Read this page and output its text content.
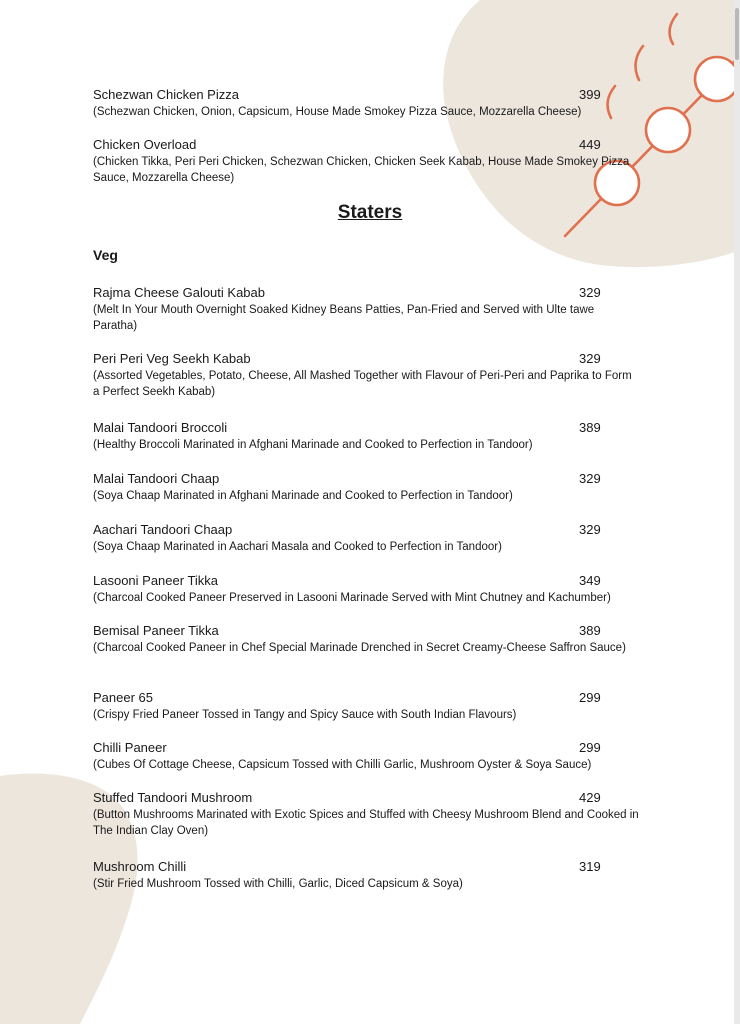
Schezwan Chicken Pizza	399
(Schezwan Chicken, Onion, Capsicum, House Made Smokey Pizza Sauce, Mozzarella Cheese)
Chicken Overload	449
(Chicken Tikka, Peri Peri Chicken, Schezwan Chicken, Chicken Seek Kabab, House Made Smokey Pizza Sauce, Mozzarella Cheese)
Staters
Veg
Rajma Cheese Galouti Kabab	329
(Melt In Your Mouth Overnight Soaked Kidney Beans Patties, Pan-Fried and Served with Ulte tawe Paratha)
Peri Peri Veg Seekh Kabab	329
(Assorted Vegetables, Potato, Cheese, All Mashed Together with Flavour of Peri-Peri and Paprika to Form a Perfect Seekh Kabab)
Malai Tandoori Broccoli	389
(Healthy Broccoli Marinated in Afghani Marinade and Cooked to Perfection in Tandoor)
Malai Tandoori Chaap	329
(Soya Chaap Marinated in Afghani Marinade and Cooked to Perfection in Tandoor)
Aachari Tandoori Chaap	329
(Soya Chaap Marinated in Aachari Masala and Cooked to Perfection in Tandoor)
Lasooni Paneer Tikka	349
(Charcoal Cooked Paneer Preserved in Lasooni Marinade Served with Mint Chutney and Kachumber)
Bemisal Paneer Tikka	389
(Charcoal Cooked Paneer in Chef Special Marinade Drenched in Secret Creamy-Cheese Saffron Sauce)
Paneer 65	299
(Crispy Fried Paneer Tossed in Tangy and Spicy Sauce with South Indian Flavours)
Chilli Paneer	299
(Cubes Of Cottage Cheese, Capsicum Tossed with Chilli Garlic, Mushroom Oyster & Soya Sauce)
Stuffed Tandoori Mushroom	429
(Button Mushrooms Marinated with Exotic Spices and Stuffed with Cheesy Mushroom Blend and Cooked in The Indian Clay Oven)
Mushroom Chilli	319
(Stir Fried Mushroom Tossed with Chilli, Garlic, Diced Capsicum & Soya)
